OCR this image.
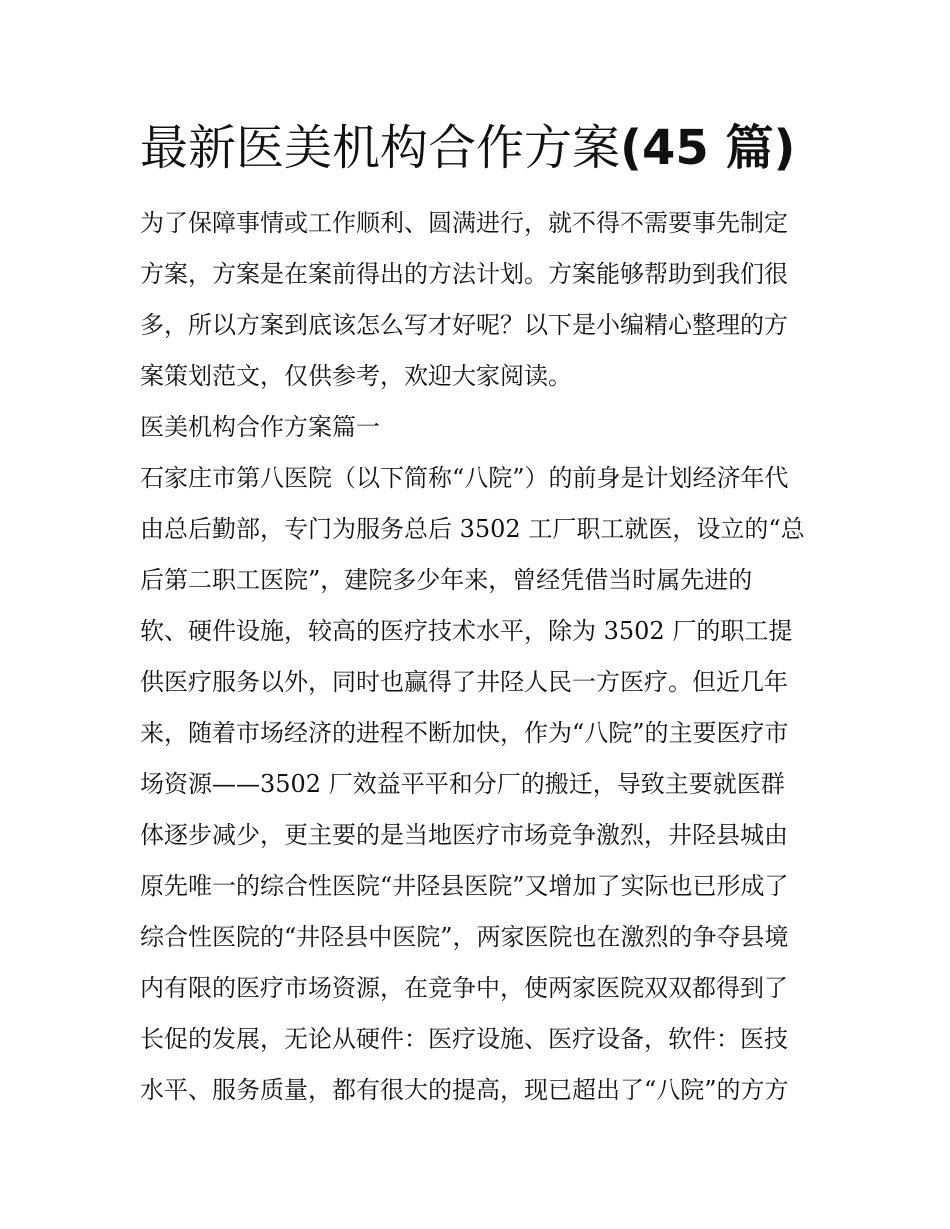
最新医美机构合作方案(45 篇)

为了保障事情或工作顺利、圆满进行，就不得不需要事先制定

方案，方案是在案前得出的方法计划。方案能够帮助到我们很

多，所以方案到底该怎么写才好呢？以下是小编精心整理的方

案策划范文，仅供参考，欢迎大家阅读。

医美机构合作方案篇一

石家庄市第八医院（以下简称“八院”）的前身是计划经济年代

由总后勤部，专门为服务总后 3502 工厂职工就医，设立的“总

后第二职工医院”，建院多少年来，曾经凭借当时属先进的

软、硬件设施，较高的医疗技术水平，除为 3502 厂的职工提

供医疗服务以外，同时也赢得了井陉人民一方医疗。但近几年

来，随着市场经济的进程不断加快，作为“八院”的主要医疗市

场资源——3502 厂效益平平和分厂的搬迁，导致主要就医群

体逐步减少，更主要的是当地医疗市场竞争激烈，井陉县城由

原先唯一的综合性医院“井陉县医院”又增加了实际也已形成了

综合性医院的“井陉县中医院”，两家医院也在激烈的争夺县境

内有限的医疗市场资源，在竞争中，使两家医院双双都得到了

长促的发展，无论从硬件：医疗设施、医疗设备，软件：医技

水平、服务质量，都有很大的提高，现已超出了“八院”的方方
